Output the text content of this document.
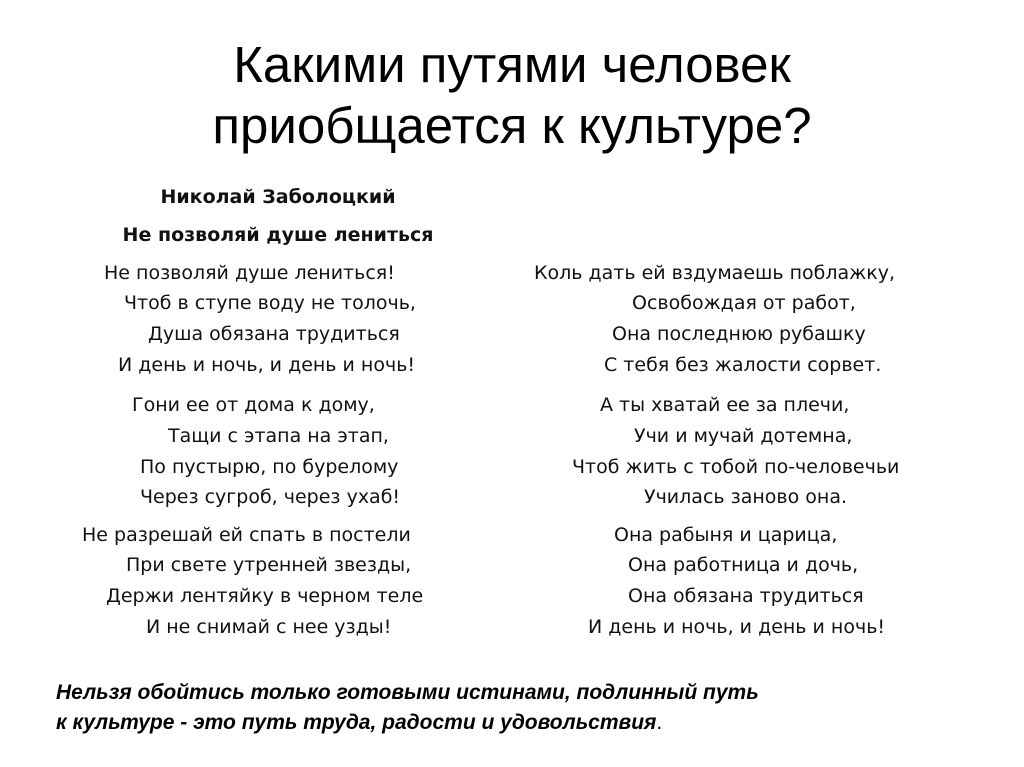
Какими путями человек
приобщается к культуре?
Николай Заболоцкий
Не позволяй душе лениться
Не позволяй душе лениться!
Чтоб в ступе воду не толочь,
Душа обязана трудиться
И день и ночь, и день и ночь!
Гони ее от дома к дому,
Тащи с этапа на этап,
По пустырю, по бурелому
Через сугроб, через ухаб!
Не разрешай ей спать в постели
При свете утренней звезды,
Держи лентяйку в черном теле
И не снимай с нее узды!
Коль дать ей вздумаешь поблажку,
Освобождая от работ,
Она последнюю рубашку
С тебя без жалости сорвет.
А ты хватай ее за плечи,
Учи и мучай дотемна,
Чтоб жить с тобой по-человечьи
Училась заново она.
Она рабыня и царица,
Она работница и дочь,
Она обязана трудиться
И день и ночь, и день и ночь!
Нельзя обойтись только готовыми истинами, подлинный путь
к культуре - это путь труда, радости и удовольствия.
